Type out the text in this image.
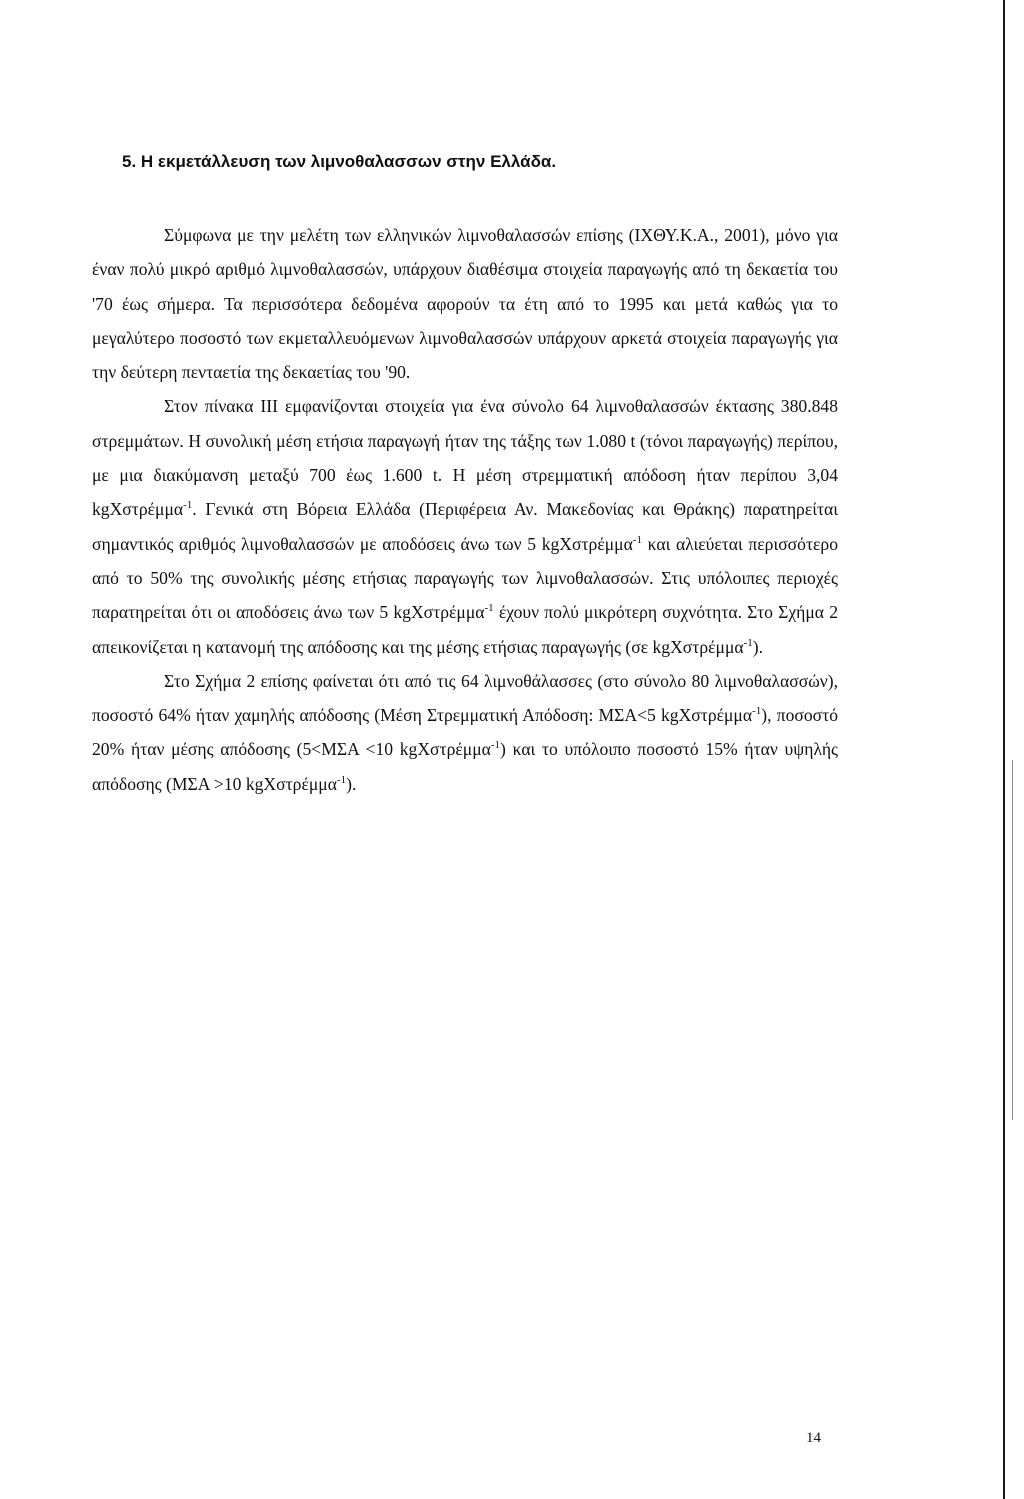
5. Η εκμετάλλευση των λιμνοθαλασσων στην Ελλάδα.

Σύμφωνα με την μελέτη των ελληνικών λιμνοθαλασσών επίσης (ΙΧΘΥ.Κ.Α., 2001), μόνο για έναν πολύ μικρό αριθμό λιμνοθαλασσών, υπάρχουν διαθέσιμα στοιχεία παραγωγής από τη δεκαετία του '70 έως σήμερα. Τα περισσότερα δεδομένα αφορούν τα έτη από το 1995 και μετά καθώς για το μεγαλύτερο ποσοστό των εκμεταλλευόμενων λιμνοθαλασσών υπάρχουν αρκετά στοιχεία παραγωγής για την δεύτερη πενταετία της δεκαετίας του '90.

Στον πίνακα ΙΙΙ εμφανίζονται στοιχεία για ένα σύνολο 64 λιμνοθαλασσών έκτασης 380.848 στρεμμάτων. Η συνολική μέση ετήσια παραγωγή ήταν της τάξης των 1.080 t (τόνοι παραγωγής) περίπου, με μια διακύμανση μεταξύ 700 έως 1.600 t. Η μέση στρεμματική απόδοση ήταν περίπου 3,04 kgΧστρέμμα$^{-1}$. Γενικά στη Βόρεια Ελλάδα (Περιφέρεια Αν. Μακεδονίας και Θράκης) παρατηρείται σημαντικός αριθμός λιμνοθαλασσών με αποδόσεις άνω των 5 kgΧστρέμμα$^{-1}$ και αλιεύεται περισσότερο από το 50% της συνολικής μέσης ετήσιας παραγωγής των λιμνοθαλασσών. Στις υπόλοιπες περιοχές παρατηρείται ότι οι αποδόσεις άνω των 5 kgΧστρέμμα$^{-1}$ έχουν πολύ μικρότερη συχνότητα. Στο Σχήμα 2 απεικονίζεται η κατανομή της απόδοσης και της μέσης ετήσιας παραγωγής (σε kgΧστρέμμα$^{-1}$).

Στο Σχήμα 2 επίσης φαίνεται ότι από τις 64 λιμνοθάλασσες (στο σύνολο 80 λιμνοθαλασσών), ποσοστό 64% ήταν χαμηλής απόδοσης (Μέση Στρεμματική Απόδοση: ΜΣΑ<5 kgΧστρέμμα$^{-1}$), ποσοστό 20% ήταν μέσης απόδοσης (5<ΜΣΑ <10 kgΧστρέμμα$^{-1}$) και το υπόλοιπο ποσοστό 15% ήταν υψηλής απόδοσης (ΜΣΑ >10 kgΧστρέμμα$^{-1}$).

14
